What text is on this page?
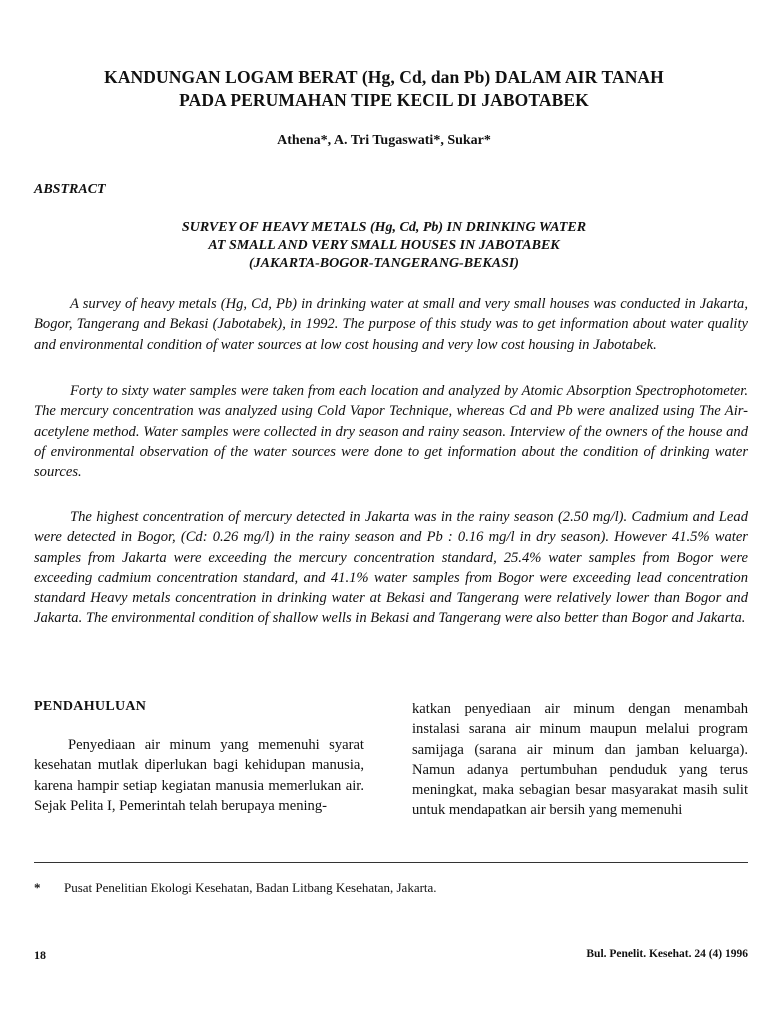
KANDUNGAN LOGAM BERAT (Hg, Cd, dan Pb) DALAM AIR TANAH
PADA PERUMAHAN TIPE KECIL DI JABOTABEK
Athena*, A. Tri Tugaswati*, Sukar*
ABSTRACT
SURVEY OF HEAVY METALS (Hg, Cd, Pb) IN DRINKING WATER
AT SMALL AND VERY SMALL HOUSES IN JABOTABEK
(JAKARTA-BOGOR-TANGERANG-BEKASI)

A survey of heavy metals (Hg, Cd, Pb) in drinking water at small and very small houses was conducted in Jakarta, Bogor, Tangerang and Bekasi (Jabotabek), in 1992. The purpose of this study was to get information about water quality and environmental condition of water sources at low cost housing and very low cost housing in Jabotabek.

Forty to sixty water samples were taken from each location and analyzed by Atomic Absorption Spectrophotometer. The mercury concentration was analyzed using Cold Vapor Technique, whereas Cd and Pb were analized using The Air-acetylene method. Water samples were collected in dry season and rainy season. Interview of the owners of the house and of environmental observation of the water sources were done to get information about the condition of drinking water sources.

The highest concentration of mercury detected in Jakarta was in the rainy season (2.50 mg/l). Cadmium and Lead were detected in Bogor, (Cd: 0.26 mg/l) in the rainy season and Pb : 0.16 mg/l in dry season). However 41.5% water samples from Jakarta were exceeding the mercury concentration standard, 25.4% water samples from Bogor were exceeding cadmium concentration standard, and 41.1% water samples from Bogor were exceeding lead concentration standard Heavy metals concentration in drinking water at Bekasi and Tangerang were relatively lower than Bogor and Jakarta. The environmental condition of shallow wells in Bekasi and Tangerang were also better than Bogor and Jakarta.

PENDAHULUAN

Penyediaan air minum yang memenuhi syarat kesehatan mutlak diperlukan bagi kehidupan manusia, karena hampir setiap kegiatan manusia memerlukan air. Sejak Pelita I, Pemerintah telah berupaya mening-

katkan penyediaan air minum dengan menambah instalasi sarana air minum maupun melalui program samijaga (sarana air minum dan jamban keluarga). Namun adanya pertumbuhan penduduk yang terus meningkat, maka sebagian besar masyarakat masih sulit untuk mendapatkan air bersih yang memenuhi

* Pusat Penelitian Ekologi Kesehatan, Badan Litbang Kesehatan, Jakarta.
18	Bul. Penelit. Kesehat. 24 (4) 1996
